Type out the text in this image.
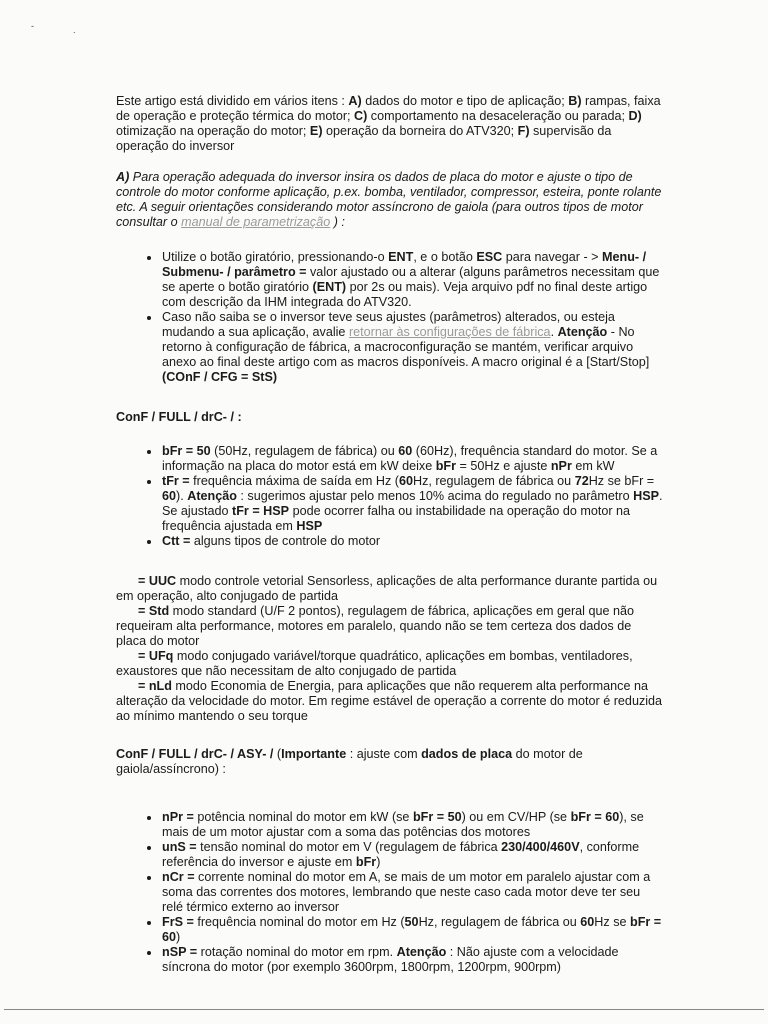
-	.

Este artigo está dividido em vários itens : A) dados do motor e tipo de aplicação; B) rampas, faixa de operação e proteção térmica do motor; C) comportamento na desaceleração ou parada; D) otimização na operação do motor; E) operação da borneira do ATV320; F) supervisão da operação do inversor

A) Para operação adequada do inversor insira os dados de placa do motor e ajuste o tipo de controle do motor conforme aplicação, p.ex. bomba, ventilador, compressor, esteira, ponte rolante etc. A seguir orientações considerando motor assíncrono de gaiola (para outros tipos de motor consultar o manual de parametrização ) :

• Utilize o botão giratório, pressionando-o ENT, e o botão ESC para navegar - > Menu- / Submenu- / parâmetro = valor ajustado ou a alterar (alguns parâmetros necessitam que se aperte o botão giratório (ENT) por 2s ou mais). Veja arquivo pdf no final deste artigo com descrição da IHM integrada do ATV320.
• Caso não saiba se o inversor teve seus ajustes (parâmetros) alterados, ou esteja mudando a sua aplicação, avalie retornar às configurações de fábrica. Atenção - No retorno à configuração de fábrica, a macroconfiguração se mantém, verificar arquivo anexo ao final deste artigo com as macros disponíveis. A macro original é a [Start/Stop] (COnF / CFG = StS)

ConF / FULL / drC- / :

• bFr = 50 (50Hz, regulagem de fábrica) ou 60 (60Hz), frequência standard do motor. Se a informação na placa do motor está em kW deixe bFr = 50Hz e ajuste nPr em kW
• tFr = frequência máxima de saída em Hz (60Hz, regulagem de fábrica ou 72Hz se bFr = 60). Atenção : sugerimos ajustar pelo menos 10% acima do regulado no parâmetro HSP. Se ajustado tFr = HSP pode ocorrer falha ou instabilidade na operação do motor na frequência ajustada em HSP
• Ctt = alguns tipos de controle do motor

= UUC modo controle vetorial Sensorless, aplicações de alta performance durante partida ou em operação, alto conjugado de partida

= Std modo standard (U/F 2 pontos), regulagem de fábrica, aplicações em geral que não requeiram alta performance, motores em paralelo, quando não se tem certeza dos dados de placa do motor

= UFq modo conjugado variável/torque quadrático, aplicações em bombas, ventiladores, exaustores que não necessitam de alto conjugado de partida

= nLd modo Economia de Energia, para aplicações que não requerem alta performance na alteração da velocidade do motor. Em regime estável de operação a corrente do motor é reduzida ao mínimo mantendo o seu torque

ConF / FULL / drC- / ASY- / (Importante : ajuste com dados de placa do motor de gaiola/assíncrono) :

• nPr = potência nominal do motor em kW (se bFr = 50) ou em CV/HP (se bFr = 60), se mais de um motor ajustar com a soma das potências dos motores
• unS = tensão nominal do motor em V (regulagem de fábrica 230/400/460V, conforme referência do inversor e ajuste em bFr)
• nCr = corrente nominal do motor em A, se mais de um motor em paralelo ajustar com a soma das correntes dos motores, lembrando que neste caso cada motor deve ter seu relé térmico externo ao inversor
• FrS = frequência nominal do motor em Hz (50Hz, regulagem de fábrica ou 60Hz se bFr = 60)
• nSP = rotação nominal do motor em rpm. Atenção : Não ajuste com a velocidade síncrona do motor (por exemplo 3600rpm, 1800rpm, 1200rpm, 900rpm)
